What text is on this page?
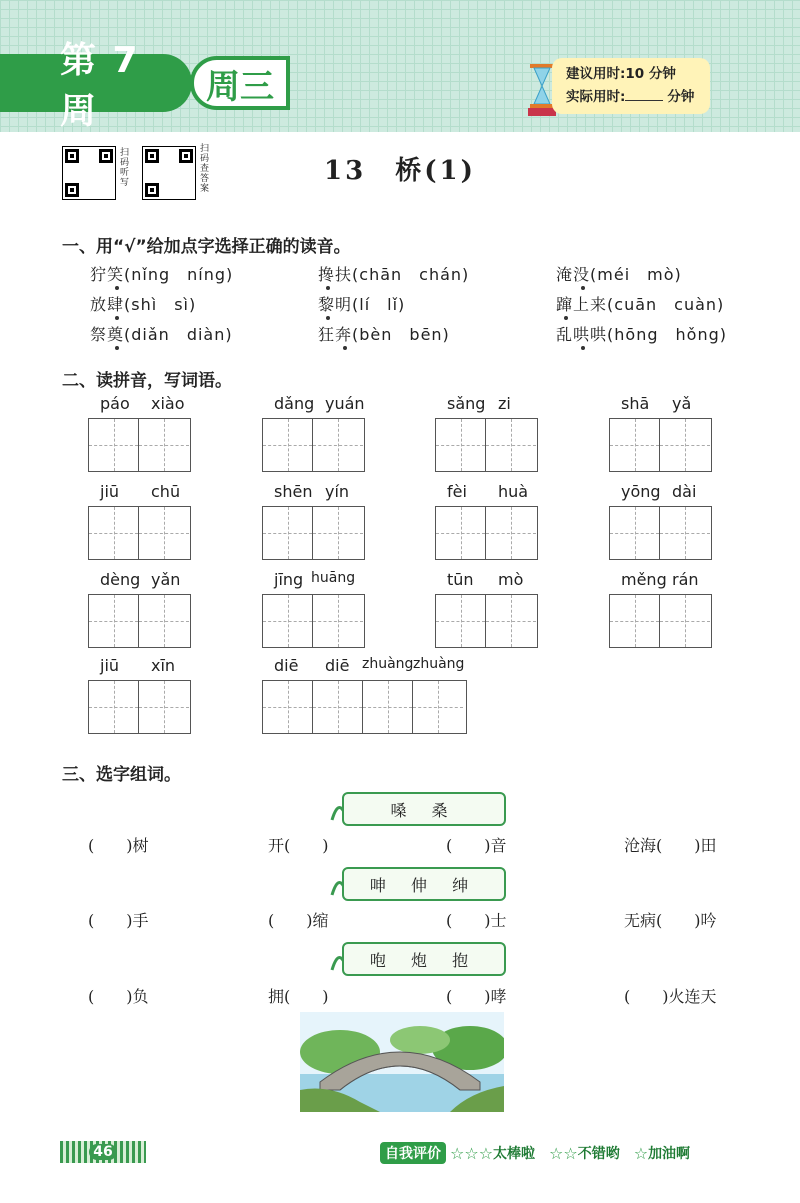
第 7 周
周三	建议用时:10 分钟
实际用时:	分钟
扫码听写
扫码查答案
13　桥(1)
一、用“√”给加点字选择正确的读音。
狞笑(nǐng　níng)	搀扶(chān　chán)	淹没(méi　mò)
放肆(shì　sì)	黎明(lí　lǐ)	蹿上来(cuān　cuàn)
祭奠(diǎn　diàn)	狂奔(bèn　bēn)	乱哄哄(hōng　hǒng)
二、读拼音，写词语。
páo xiào	dǎng yuán	sǎng zi	shā yǎ
jiū chū	shēn yín	fèi huà	yōng dài
dèng yǎn	jīng huāng	tūn mò	měng rán
jiū xīn	diē diē zhuàng zhuàng
三、选字组词。
嗓 桑
(　　)树	开(　　)	(　　)音	沧海(　　)田
呻 伸 绅
(　　)手	(　　)缩	(　　)士	无病(　　)吟
咆 炮 抱
(　　)负	拥(　　)	(　　)哮	(　　)火连天
46	自我评价 ☆☆☆ 太棒啦 ☆☆ 不错哟 ☆ 加油啊
